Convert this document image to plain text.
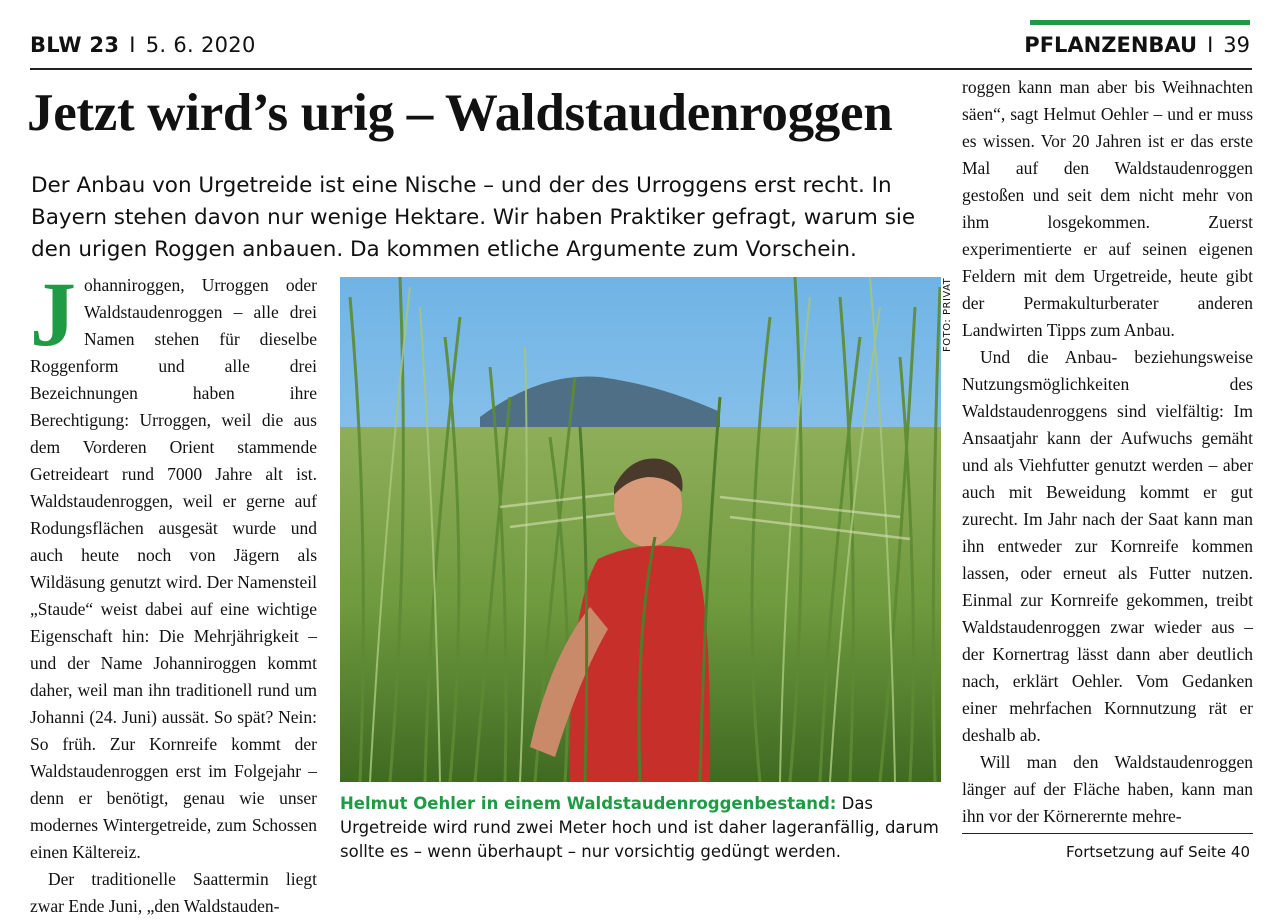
BLW 23 I 5. 6. 2020	PFLANZENBAU I 39
Jetzt wird’s urig – Waldstaudenroggen
Der Anbau von Urgetreide ist eine Nische – und der des Urroggens erst recht. In Bayern stehen davon nur wenige Hektare. Wir haben Praktiker gefragt, warum sie den urigen Roggen anbauen. Da kommen etliche Argumente zum Vorschein.

Johanniroggen, Urroggen oder Waldstaudenroggen – alle drei Namen stehen für dieselbe Roggenform und alle drei Bezeichnungen haben ihre Berechtigung: Urroggen, weil die aus dem Vorderen Orient stammende Getreideart rund 7000 Jahre alt ist. Waldstaudenroggen, weil er gerne auf Rodungsflächen ausgesät wurde und auch heute noch von Jägern als Wildäsung genutzt wird. Der Namensteil „Staude“ weist dabei auf eine wichtige Eigenschaft hin: Die Mehrjährigkeit – und der Name Johanniroggen kommt daher, weil man ihn traditionell rund um Johanni (24. Juni) aussät. So spät? Nein: So früh. Zur Kornreife kommt der Waldstaudenroggen erst im Folgejahr – denn er benötigt, genau wie unser modernes Wintergetreide, zum Schossen einen Kältereiz.

Der traditionelle Saattermin liegt zwar Ende Juni, „den Waldstauden-

FOTO: PRIVAT
Helmut Oehler in einem Waldstaudenroggenbestand: Das Urgetreide wird rund zwei Meter hoch und ist daher lageranfällig, darum sollte es – wenn überhaupt – nur vorsichtig gedüngt werden.

roggen kann man aber bis Weihnachten säen“, sagt Helmut Oehler – und er muss es wissen. Vor 20 Jahren ist er das erste Mal auf den Waldstaudenroggen gestoßen und seit dem nicht mehr von ihm losgekommen. Zuerst experimentierte er auf seinen eigenen Feldern mit dem Urgetreide, heute gibt der Permakulturberater anderen Landwirten Tipps zum Anbau.

Und die Anbau- beziehungsweise Nutzungsmöglichkeiten des Waldstaudenroggens sind vielfältig: Im Ansaatjahr kann der Aufwuchs gemäht und als Viehfutter genutzt werden – aber auch mit Beweidung kommt er gut zurecht. Im Jahr nach der Saat kann man ihn entweder zur Kornreife kommen lassen, oder erneut als Futter nutzen. Einmal zur Kornreife gekommen, treibt Waldstaudenroggen zwar wieder aus – der Kornertrag lässt dann aber deutlich nach, erklärt Oehler. Vom Gedanken einer mehrfachen Kornnutzung rät er deshalb ab.

Will man den Waldstaudenroggen länger auf der Fläche haben, kann man ihn vor der Körnerernte mehre-

Fortsetzung auf Seite 40
